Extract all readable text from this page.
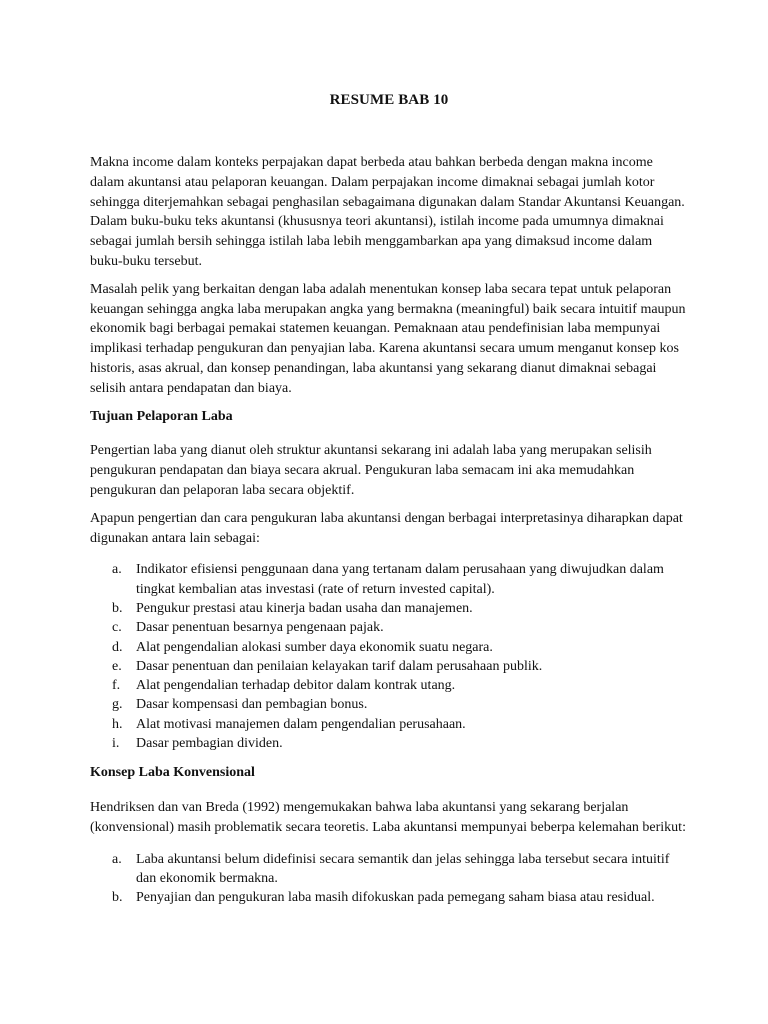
RESUME BAB 10

Makna income dalam konteks perpajakan dapat berbeda atau bahkan berbeda dengan makna income dalam akuntansi atau pelaporan keuangan. Dalam perpajakan income dimaknai sebagai jumlah kotor sehingga diterjemahkan sebagai penghasilan sebagaimana digunakan dalam Standar Akuntansi Keuangan. Dalam buku-buku teks akuntansi (khususnya teori akuntansi), istilah income pada umumnya dimaknai sebagai jumlah bersih sehingga istilah laba lebih menggambarkan apa yang dimaksud income dalam buku-buku tersebut.

Masalah pelik yang berkaitan dengan laba adalah menentukan konsep laba secara tepat untuk pelaporan keuangan sehingga angka laba merupakan angka yang bermakna (meaningful) baik secara intuitif maupun ekonomik bagi berbagai pemakai statemen keuangan. Pemaknaan atau pendefinisian laba mempunyai implikasi terhadap pengukuran dan penyajian laba. Karena akuntansi secara umum menganut konsep kos historis, asas akrual, dan konsep penandingan, laba akuntansi yang sekarang dianut dimaknai sebagai selisih antara pendapatan dan biaya.

Tujuan Pelaporan Laba

Pengertian laba yang dianut oleh struktur akuntansi sekarang ini adalah laba yang merupakan selisih pengukuran pendapatan dan biaya secara akrual. Pengukuran laba semacam ini aka memudahkan pengukuran dan pelaporan laba secara objektif.

Apapun pengertian dan cara pengukuran laba akuntansi dengan berbagai interpretasinya diharapkan dapat digunakan antara lain sebagai:

a. Indikator efisiensi penggunaan dana yang tertanam dalam perusahaan yang diwujudkan dalam tingkat kembalian atas investasi (rate of return invested capital).
b. Pengukur prestasi atau kinerja badan usaha dan manajemen.
c. Dasar penentuan besarnya pengenaan pajak.
d. Alat pengendalian alokasi sumber daya ekonomik suatu negara.
e. Dasar penentuan dan penilaian kelayakan tarif dalam perusahaan publik.
f. Alat pengendalian terhadap debitor dalam kontrak utang.
g. Dasar kompensasi dan pembagian bonus.
h. Alat motivasi manajemen dalam pengendalian perusahaan.
i. Dasar pembagian dividen.
Konsep Laba Konvensional

Hendriksen dan van Breda (1992) mengemukakan bahwa laba akuntansi yang sekarang berjalan (konvensional) masih problematik secara teoretis. Laba akuntansi mempunyai beberpa kelemahan berikut:

a. Laba akuntansi belum didefinisi secara semantik dan jelas sehingga laba tersebut secara intuitif dan ekonomik bermakna.
b. Penyajian dan pengukuran laba masih difokuskan pada pemegang saham biasa atau residual.
